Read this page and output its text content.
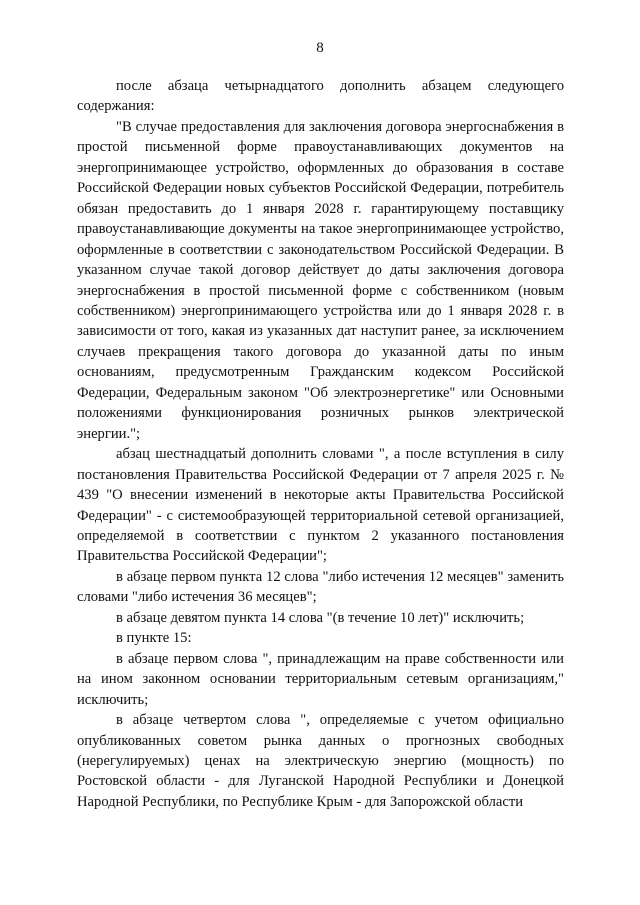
8

после абзаца четырнадцатого дополнить абзацем следующего содержания:

"В случае предоставления для заключения договора энергоснабжения в простой письменной форме правоустанавливающих документов на энергопринимающее устройство, оформленных до образования в составе Российской Федерации новых субъектов Российской Федерации, потребитель обязан предоставить до 1 января 2028 г. гарантирующему поставщику правоустанавливающие документы на такое энергопринимающее устройство, оформленные в соответствии с законодательством Российской Федерации. В указанном случае такой договор действует до даты заключения договора энергоснабжения в простой письменной форме с собственником (новым собственником) энергопринимающего устройства или до 1 января 2028 г. в зависимости от того, какая из указанных дат наступит ранее, за исключением случаев прекращения такого договора до указанной даты по иным основаниям, предусмотренным Гражданским кодексом Российской Федерации, Федеральным законом "Об электроэнергетике" или Основными положениями функционирования розничных рынков электрической энергии.";

абзац шестнадцатый дополнить словами ", а после вступления в силу постановления Правительства Российской Федерации от 7 апреля 2025 г. № 439 "О внесении изменений в некоторые акты Правительства Российской Федерации" - с системообразующей территориальной сетевой организацией, определяемой в соответствии с пунктом 2 указанного постановления Правительства Российской Федерации";

в абзаце первом пункта 12 слова "либо истечения 12 месяцев" заменить словами "либо истечения 36 месяцев";

в абзаце девятом пункта 14 слова "(в течение 10 лет)" исключить;

в пункте 15:

в абзаце первом слова ", принадлежащим на праве собственности или на ином законном основании территориальным сетевым организациям," исключить;

в абзаце четвертом слова ", определяемые с учетом официально опубликованных советом рынка данных о прогнозных свободных (нерегулируемых) ценах на электрическую энергию (мощность) по Ростовской области - для Луганской Народной Республики и Донецкой Народной Республики, по Республике Крым - для Запорожской области
